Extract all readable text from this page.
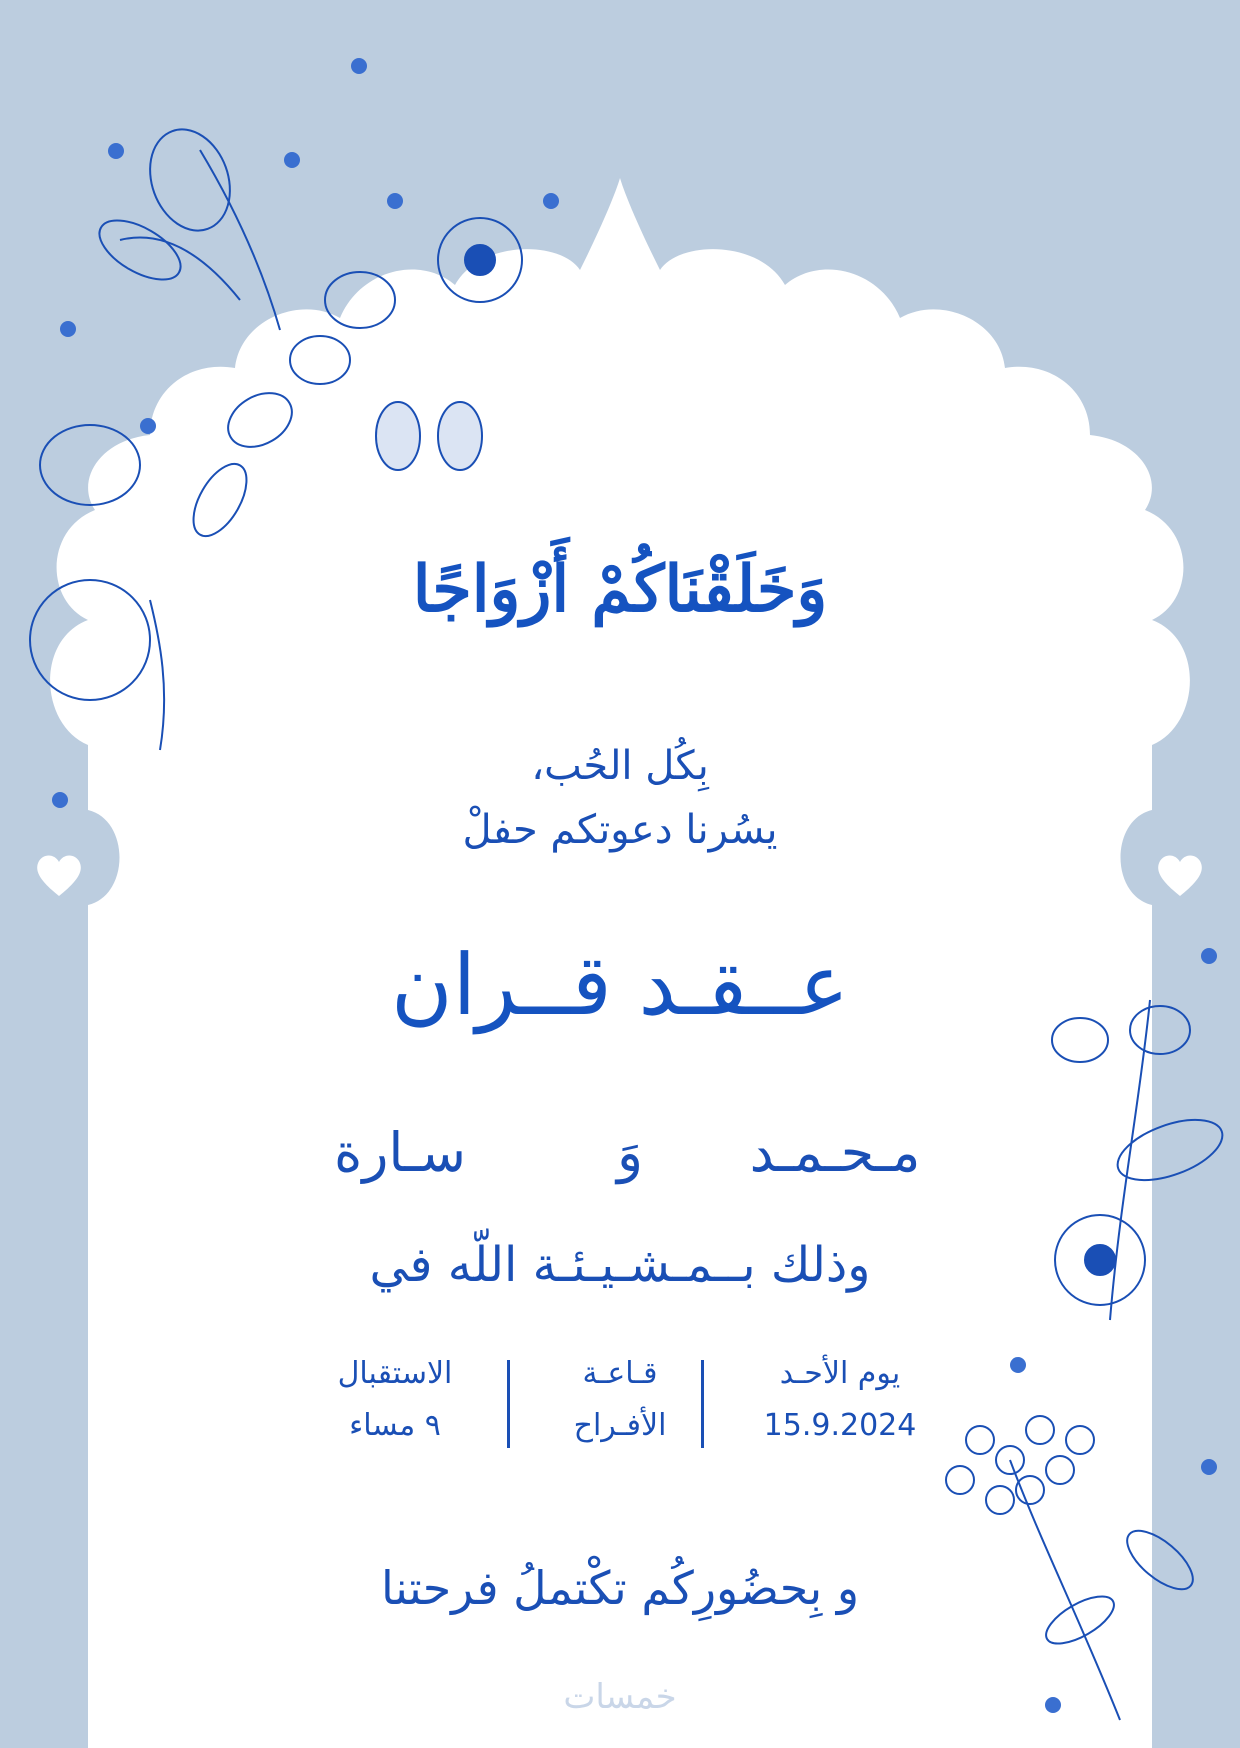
وَخَلَقْنَاكُمْ أَزْوَاجًا
بِكُل الحُب،
يسُرنا دعوتكم حفلْ
عــقـد قــران
مـحـمـد
وَ
سـارة
وذلك بــمـشـيـئـة اللّه في
يوم الأحـد
15.9.2024
قـاعـة
الأفـراح
الاستقبال
٩ مساء
و بِحضُورِكُم تكْتملُ فرحتنا
خمسات
